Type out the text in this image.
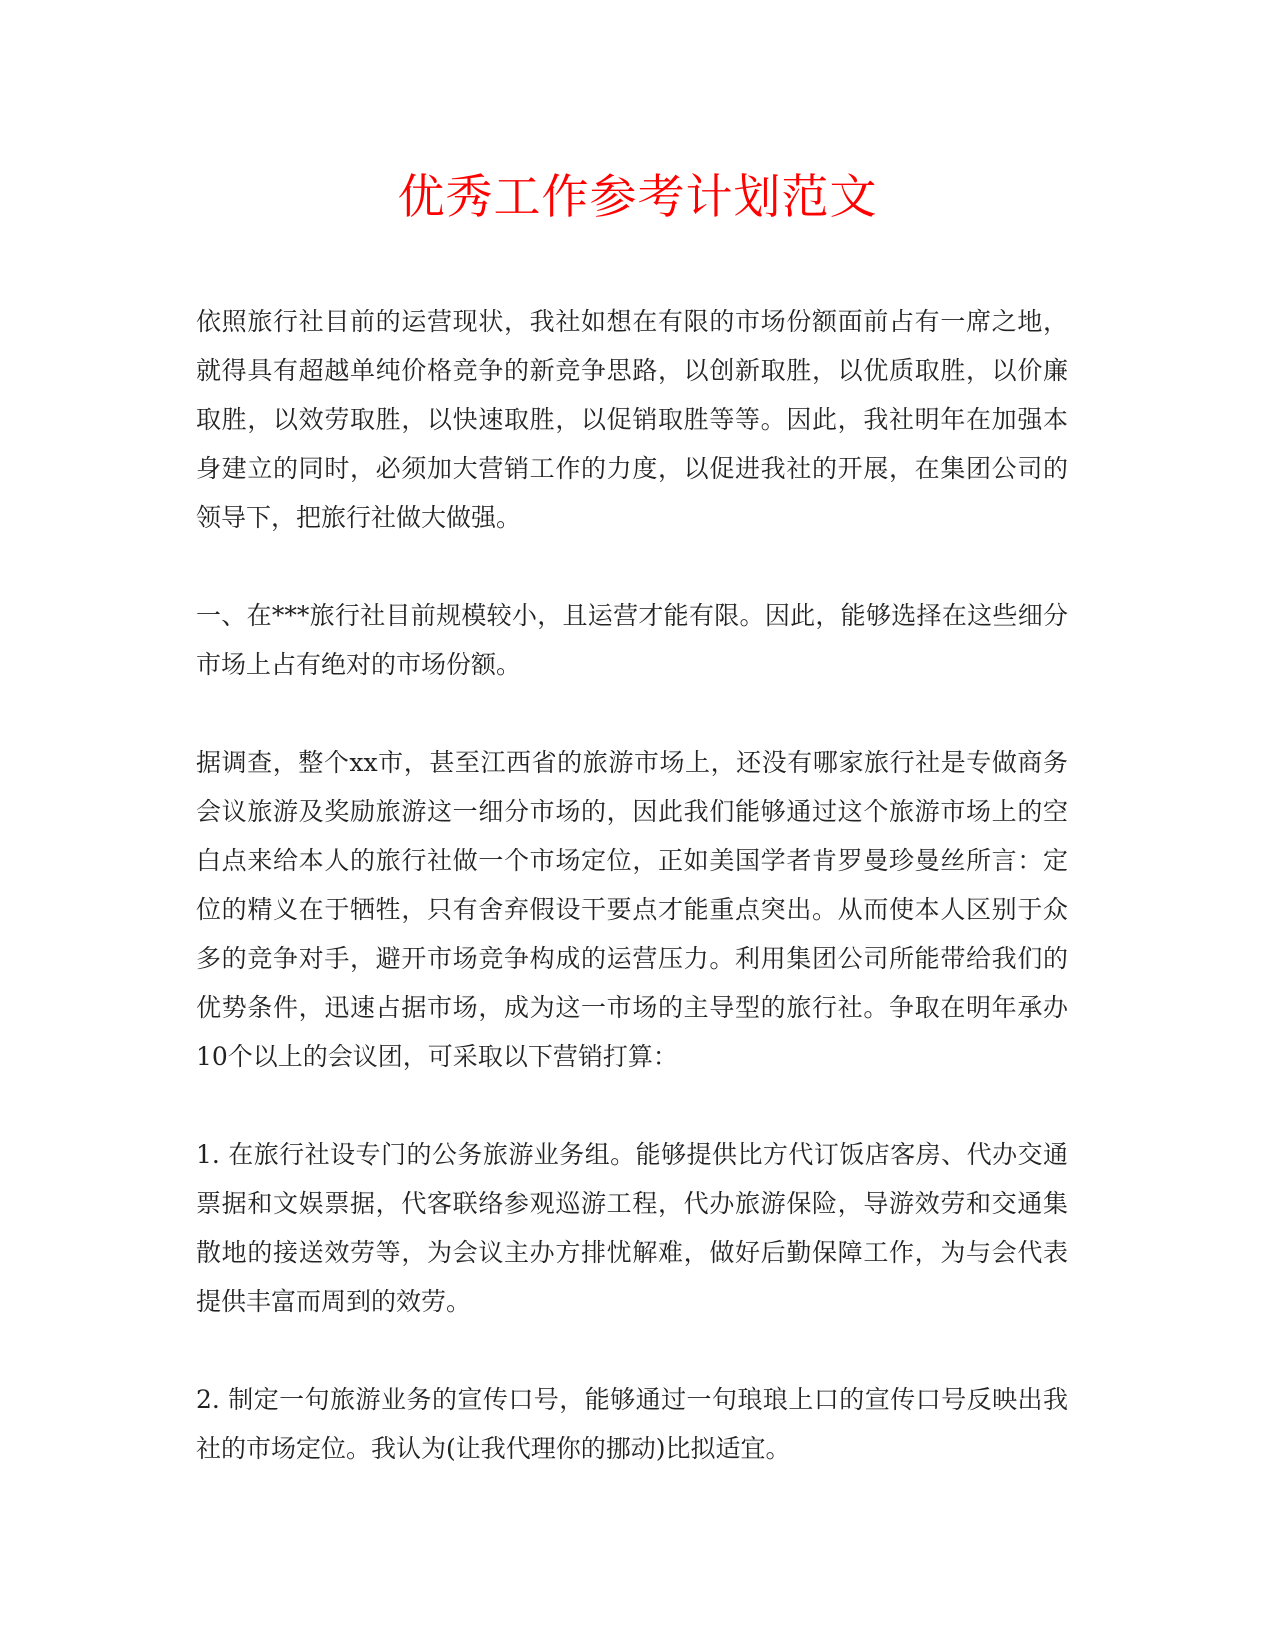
优秀工作参考计划范文

依照旅行社目前的运营现状，我社如想在有限的市场份额面前占有一席之地，就得具有超越单纯价格竞争的新竞争思路，以创新取胜，以优质取胜，以价廉取胜，以效劳取胜，以快速取胜，以促销取胜等等。因此，我社明年在加强本身建立的同时，必须加大营销工作的力度，以促进我社的开展，在集团公司的领导下，把旅行社做大做强。

一、在***旅行社目前规模较小，且运营才能有限。因此，能够选择在这些细分市场上占有绝对的市场份额。

据调查，整个xx市，甚至江西省的旅游市场上，还没有哪家旅行社是专做商务会议旅游及奖励旅游这一细分市场的，因此我们能够通过这个旅游市场上的空白点来给本人的旅行社做一个市场定位，正如美国学者肯罗曼珍曼丝所言：定位的精义在于牺牲，只有舍弃假设干要点才能重点突出。从而使本人区别于众多的竞争对手，避开市场竞争构成的运营压力。利用集团公司所能带给我们的优势条件，迅速占据市场，成为这一市场的主导型的旅行社。争取在明年承办10个以上的会议团，可采取以下营销打算：

1. 在旅行社设专门的公务旅游业务组。能够提供比方代订饭店客房、代办交通票据和文娱票据，代客联络参观巡游工程，代办旅游保险，导游效劳和交通集散地的接送效劳等，为会议主办方排忧解难，做好后勤保障工作，为与会代表提供丰富而周到的效劳。

2. 制定一句旅游业务的宣传口号，能够通过一句琅琅上口的宣传口号反映出我社的市场定位。我认为(让我代理你的挪动)比拟适宜。
